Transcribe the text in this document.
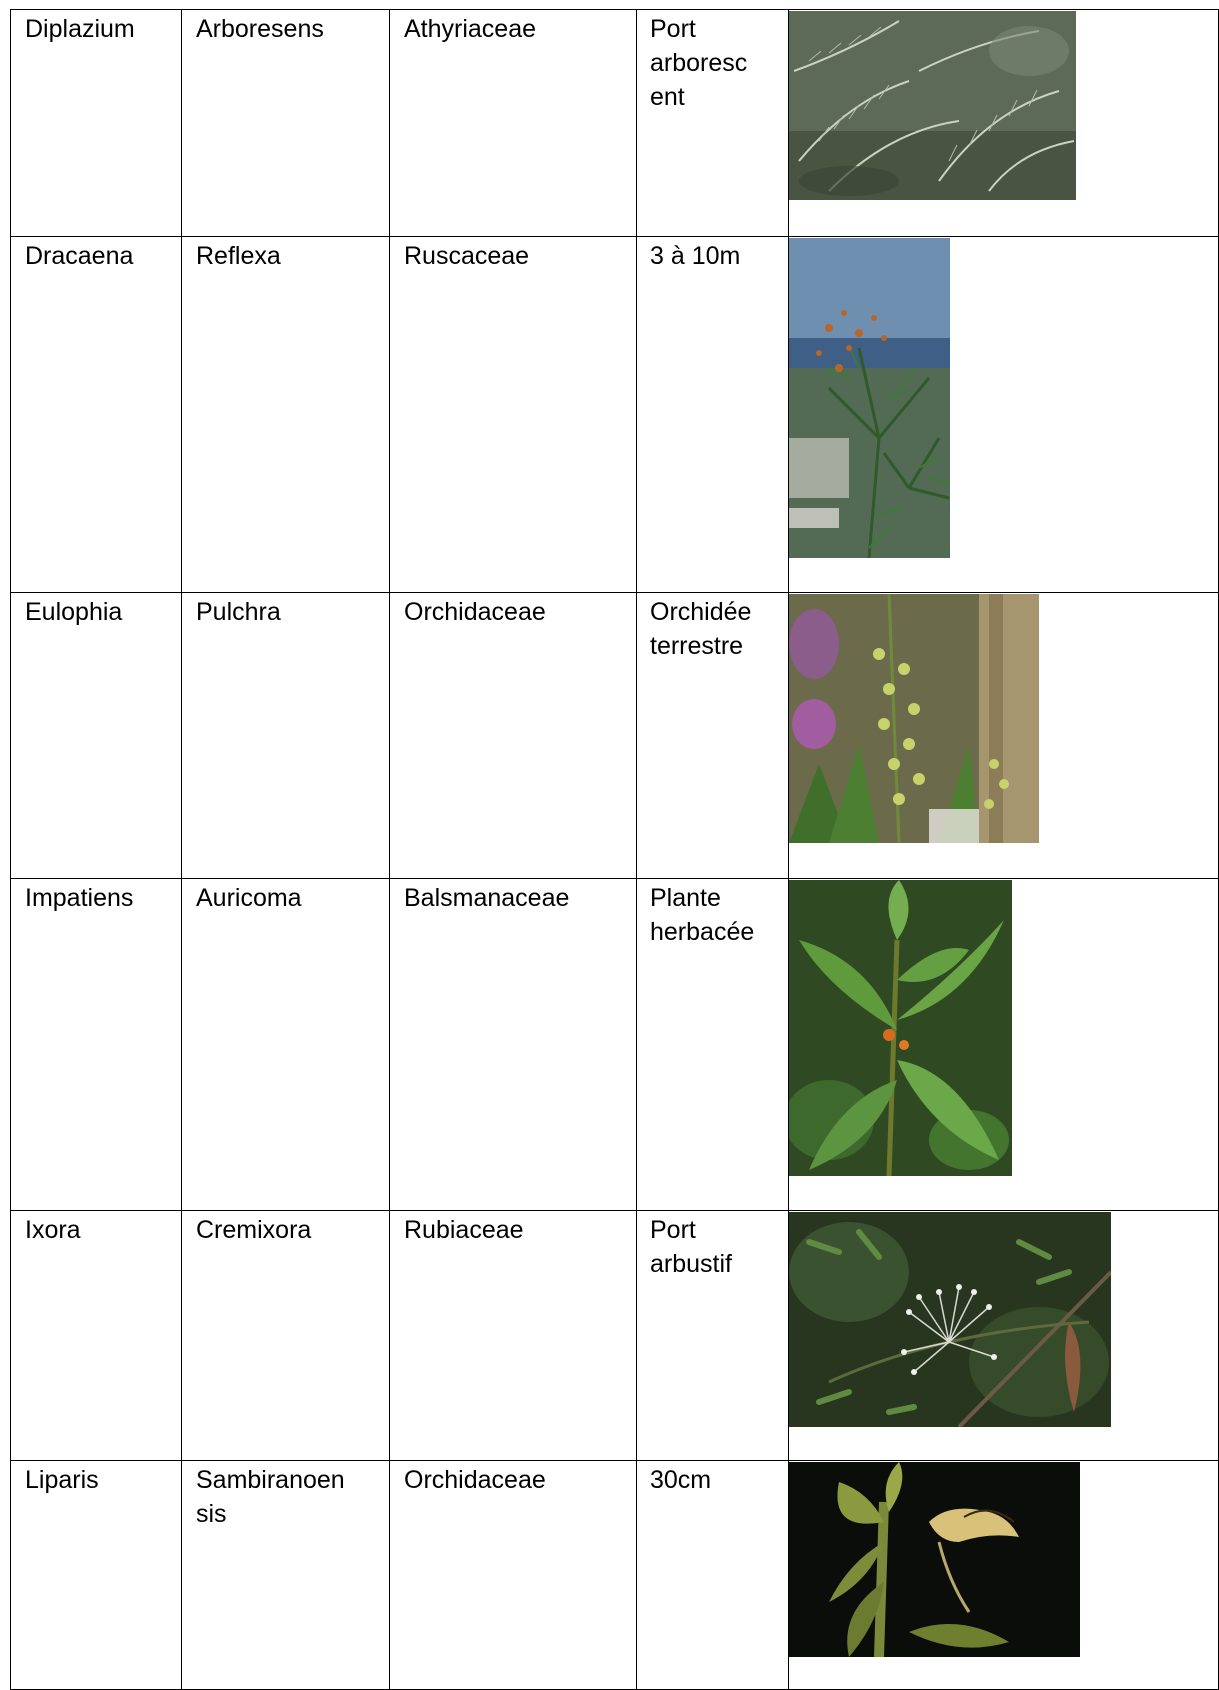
Diplazium	Arboresens	Athyriaceae	Port arboresc ent

Dracaena	Reflexa	Ruscaceae	3 à 10m

Eulophia	Pulchra	Orchidaceae	Orchidée terrestre

Impatiens	Auricoma	Balsmanaceae	Plante herbacée

Ixora	Cremixora	Rubiaceae	Port arbustif

Liparis	Sambiranoen sis	Orchidaceae	30cm
